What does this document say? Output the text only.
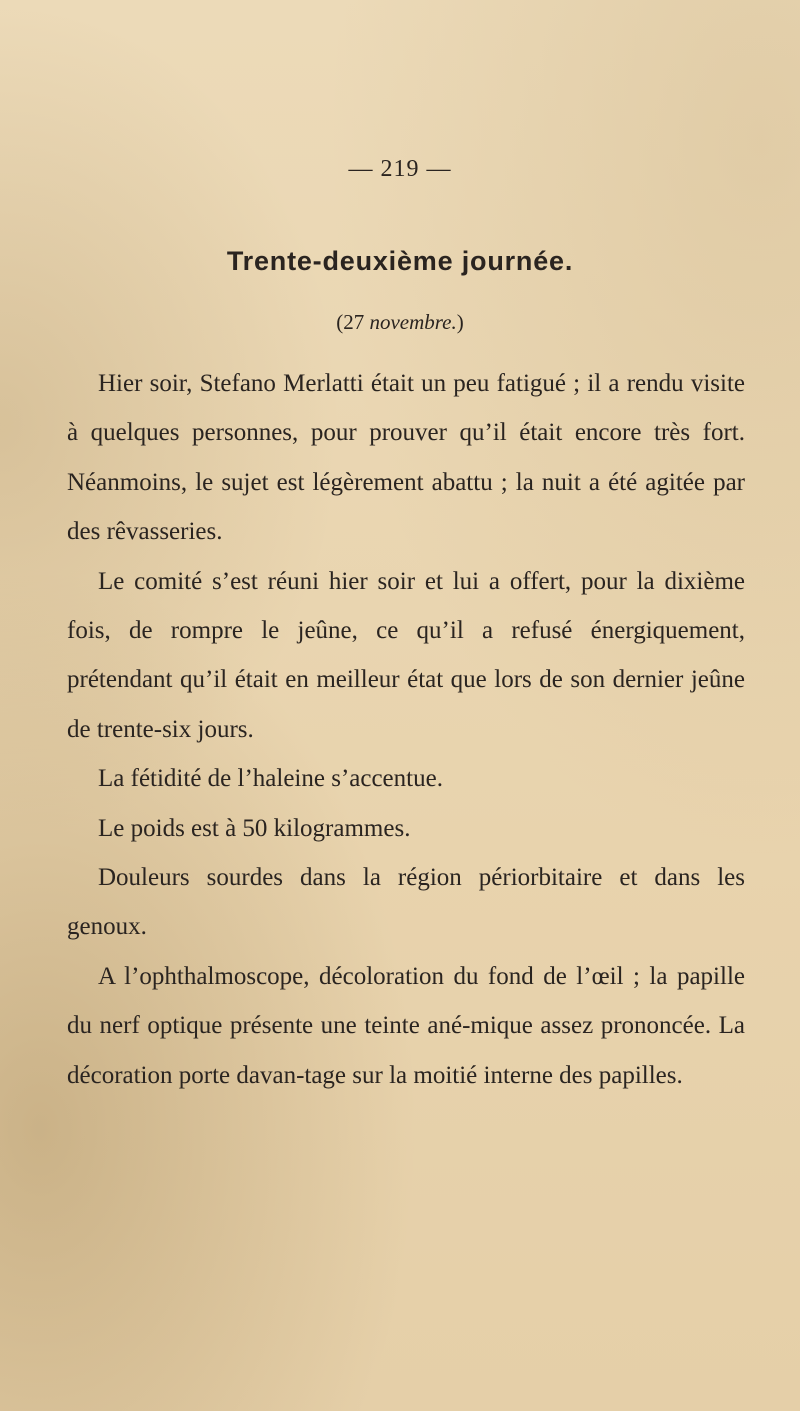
— 219 —
Trente-deuxième journée.
(27 novembre.)

Hier soir, Stefano Merlatti était un peu fatigué ; il a rendu visite à quelques personnes, pour prouver qu’il était encore très fort. Néanmoins, le sujet est légèrement abattu ; la nuit a été agitée par des rêvasseries.

Le comité s’est réuni hier soir et lui a offert, pour la dixième fois, de rompre le jeûne, ce qu’il a refusé énergiquement, prétendant qu’il était en meilleur état que lors de son dernier jeûne de trente-six jours.

La fétidité de l’haleine s’accentue.

Le poids est à 50 kilogrammes.

Douleurs sourdes dans la région périorbitaire et dans les genoux.

A l’ophthalmoscope, décoloration du fond de l’œil ; la papille du nerf optique présente une teinte ané-mique assez prononcée. La décoration porte davan-tage sur la moitié interne des papilles.
